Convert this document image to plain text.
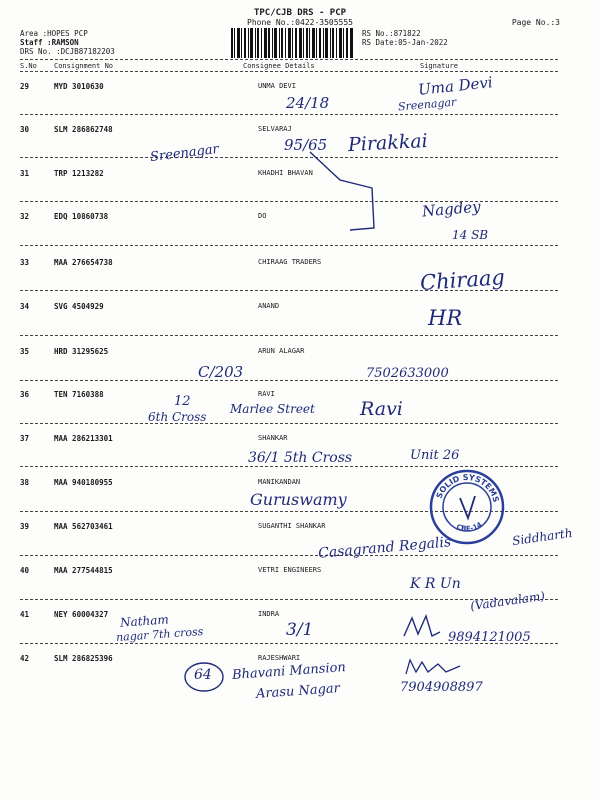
TPC/CJB DRS - PCP
Phone No.:0422-3505555	Page No.:3
Area :HOPES PCP
Staff :RAMSON
DRS No. :DCJB87182203
RS No.:871822
RS Date:05-Jan-2022
S.No Consignment No	Consignee Details	Signature
29	MYD 3010630	UNMA DEVI
30	SLM 286862748	SELVARAJ
31	TRP 1213282	KHADHI BHAVAN
32	EDQ 10860738	DO
33	MAA 276654738	CHIRAAG TRADERS
34	SVG 4504929	ANAND
35	HRD 31295625	ARUN ALAGAR
36	TEN 7160388	RAVI
37	MAA 286213301	SHANKAR
38	MAA 940180955	MANIKANDAN
39	MAA 562703461	SUGANTHI SHANKAR
40	MAA 277544815	VETRI ENGINEERS
41	NEY 60004327	INDRA
42	SLM 286825396	RAJESHWARI
24/18
Uma Devi
Sreenagar
95/65 Pirakkai
Sreenagar
Nagdey
14 SB
Chiraag
HR
C/203	7502633000
12
6th Cross
Marlee Street Ravi
36/1 5th Cross	Unit 26
Guruswamy	SOLID SYSTEMS
CBE-14
Casagrand Regalis	Siddharth
K R Un
(Vadavalam)
Natham
nagar 7th cross	3/1	9894121005
64 Bhavani Mansion
Arasu Nagar	7904908897
